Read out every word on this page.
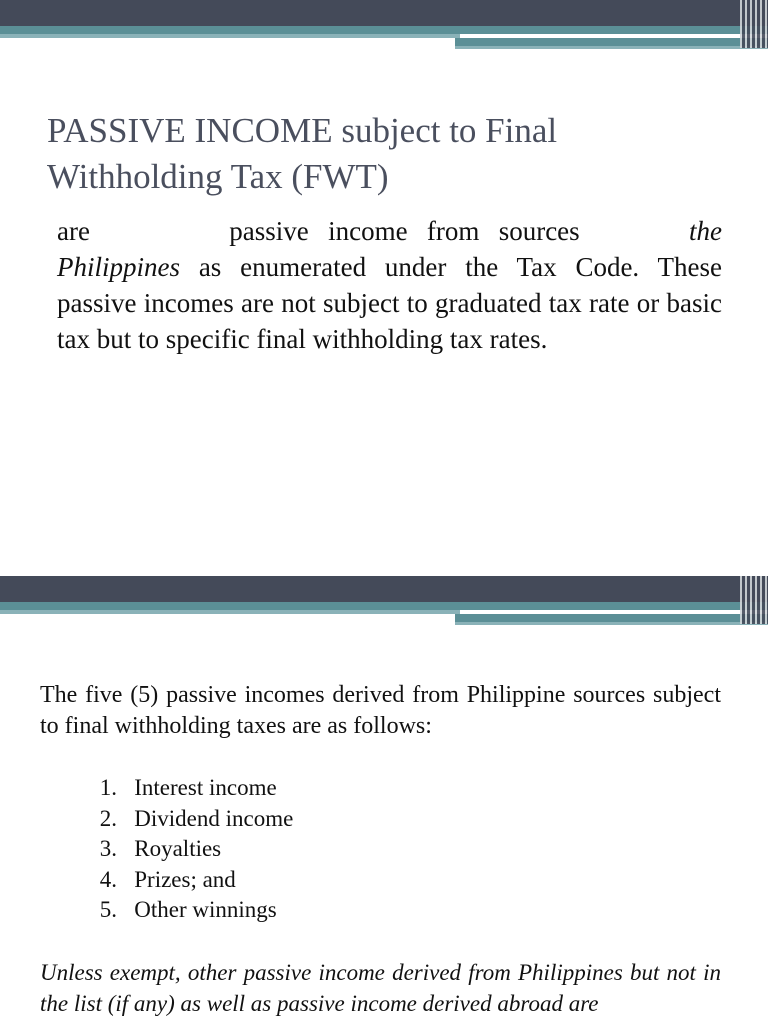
PASSIVE INCOME subject to Final
Withholding Tax (FWT)

are	passive income from sources	the Philippines as enumerated under the Tax Code. These passive incomes are not subject to graduated tax rate or basic tax but to specific final withholding tax rates.

The five (5) passive incomes derived from Philippine sources subject to final withholding taxes are as follows:

1.
Interest income
2.
Dividend income
3.
Royalties
4.
Prizes; and
5.
Other winnings

Unless exempt, other passive income derived from Philippines but not in the list (if any) as well as passive income derived abroad are
